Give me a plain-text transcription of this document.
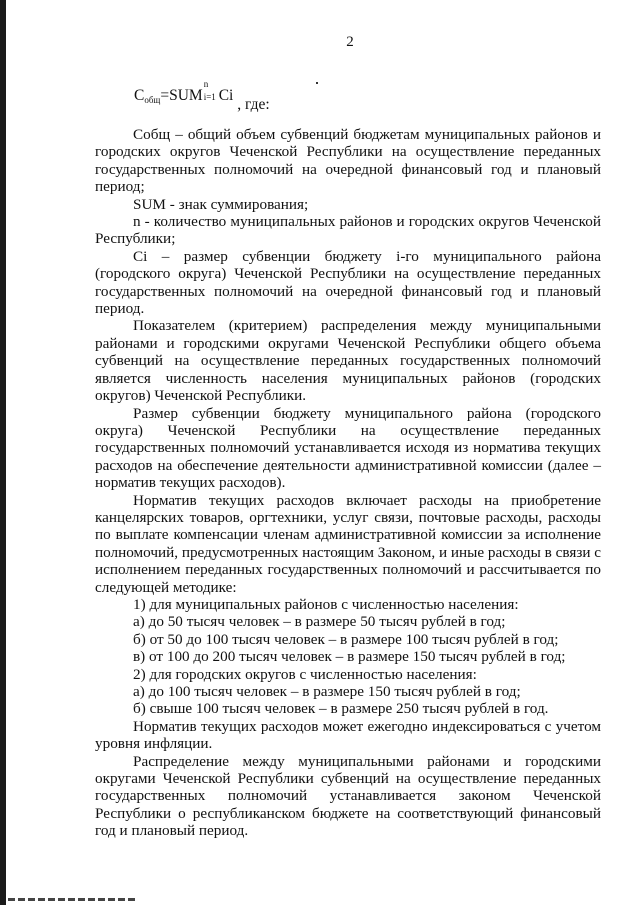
2
Cобщ=SUM
n
i=1 Ci , где:

Cобщ – общий объем субвенций бюджетам муниципальных районов и городских округов Чеченской Республики на осуществление переданных государственных полномочий на очередной финансовый год и плановый период;

SUM - знак суммирования;

n - количество муниципальных районов и городских округов Чеченской Республики;

Ci – размер субвенции бюджету i-го муниципального района (городского округа) Чеченской Республики на осуществление переданных государственных полномочий на очередной финансовый год и плановый период.

Показателем (критерием) распределения между муниципальными районами и городскими округами Чеченской Республики общего объема субвенций на осуществление переданных государственных полномочий является численность населения муниципальных районов (городских округов) Чеченской Республики.

Размер субвенции бюджету муниципального района (городского округа) Чеченской Республики на осуществление переданных государственных полномочий устанавливается исходя из норматива текущих расходов на обеспечение деятельности административной комиссии (далее – норматив текущих расходов).

Норматив текущих расходов включает расходы на приобретение канцелярских товаров, оргтехники, услуг связи, почтовые расходы, расходы по выплате компенсации членам административной комиссии за исполнение полномочий, предусмотренных настоящим Законом, и иные расходы в связи с исполнением переданных государственных полномочий и рассчитывается по следующей методике:

1) для муниципальных районов с численностью населения:

а) до 50 тысяч человек – в размере 50 тысяч рублей в год;

б) от 50 до 100 тысяч человек – в размере 100 тысяч рублей в год;

в) от 100 до 200 тысяч человек – в размере 150 тысяч рублей в год;

2) для городских округов с численностью населения:

а) до 100 тысяч человек – в размере 150 тысяч рублей в год;

б) свыше 100 тысяч человек – в размере 250 тысяч рублей в год.

Норматив текущих расходов может ежегодно индексироваться с учетом уровня инфляции.

Распределение между муниципальными районами и городскими округами Чеченской Республики субвенций на осуществление переданных государственных полномочий устанавливается законом Чеченской Республики о республиканском бюджете на соответствующий финансовый год и плановый период.
